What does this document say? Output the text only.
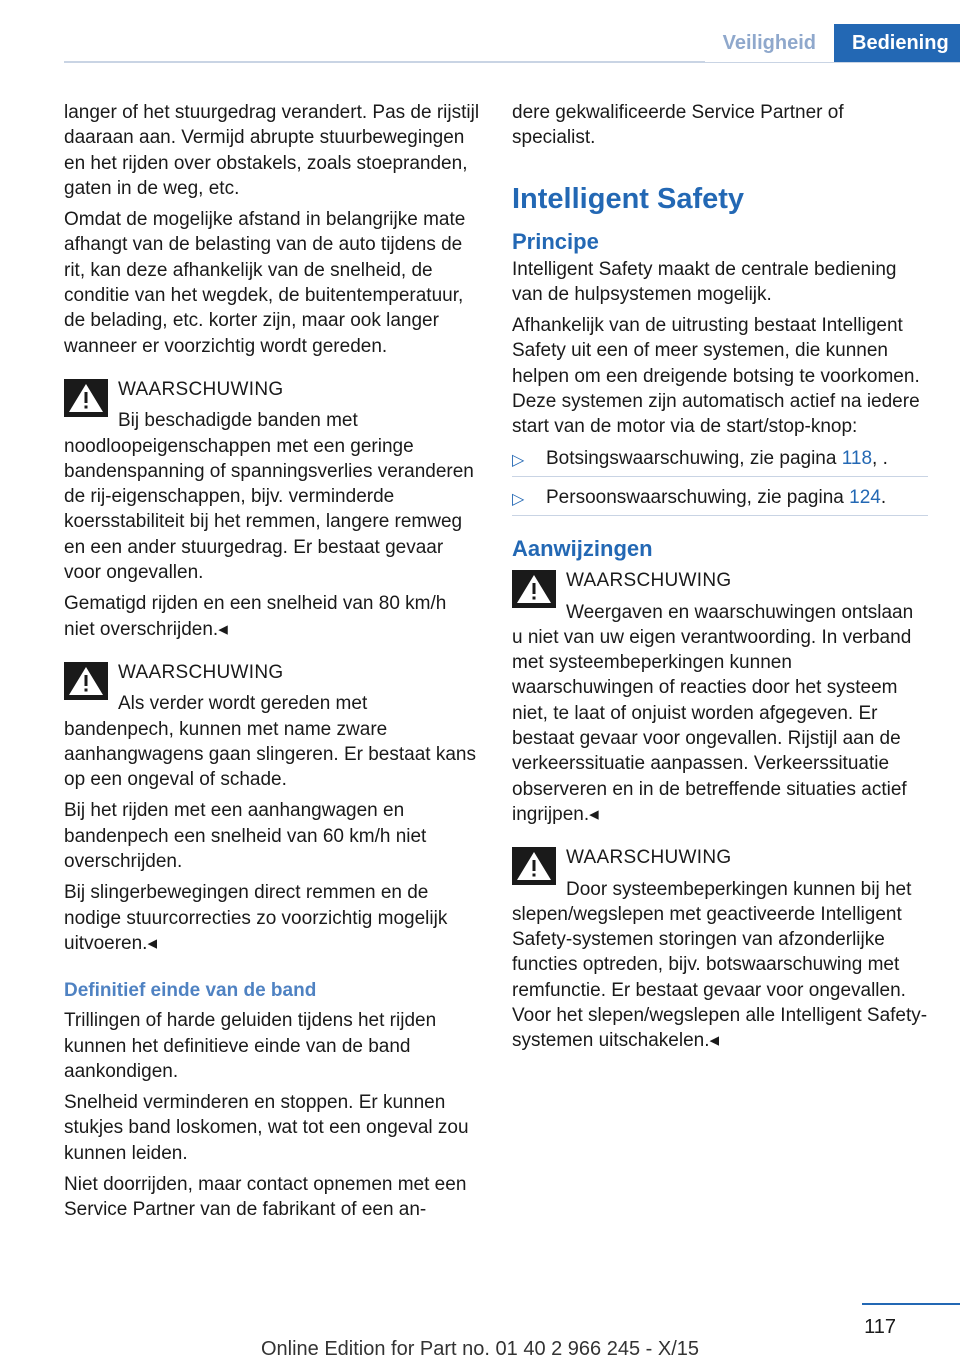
Veiligheid	Bediening

langer of het stuurgedrag verandert. Pas de rijstijl daaraan aan. Vermijd abrupte stuurbewegingen en het rijden over obstakels, zoals stoepranden, gaten in de weg, etc.

Omdat de mogelijke afstand in belangrijke mate afhangt van de belasting van de auto tijdens de rit, kan deze afhankelijk van de snelheid, de conditie van het wegdek, de buitentemperatuur, de belading, etc. korter zijn, maar ook langer wanneer er voorzichtig wordt gereden.

WAARSCHUWING

Bij beschadigde banden met noodloopeigenschappen met een geringe bandenspanning of spanningsverlies veranderen de rij-eigenschappen, bijv. verminderde koersstabiliteit bij het remmen, langere remweg en een ander stuurgedrag. Er bestaat gevaar voor ongevallen.

Gematigd rijden en een snelheid van 80 km/h niet overschrijden.◂

WAARSCHUWING

Als verder wordt gereden met bandenpech, kunnen met name zware aanhangwagens gaan slingeren. Er bestaat kans op een ongeval of schade.

Bij het rijden met een aanhangwagen en bandenpech een snelheid van 60 km/h niet overschrijden.

Bij slingerbewegingen direct remmen en de nodige stuurcorrecties zo voorzichtig mogelijk uitvoeren.◂

Definitief einde van de band

Trillingen of harde geluiden tijdens het rijden kunnen het definitieve einde van de band aankondigen.

Snelheid verminderen en stoppen. Er kunnen stukjes band loskomen, wat tot een ongeval zou kunnen leiden.

Niet doorrijden, maar contact opnemen met een Service Partner van de fabrikant of een an-

dere gekwalificeerde Service Partner of specialist.

Intelligent Safety
Principe

Intelligent Safety maakt de centrale bediening van de hulpsystemen mogelijk.

Afhankelijk van de uitrusting bestaat Intelligent Safety uit een of meer systemen, die kunnen helpen om een dreigende botsing te voorkomen. Deze systemen zijn automatisch actief na iedere start van de motor via de start/stop-knop:

▷ Botsingswaarschuwing, zie pagina 118, .
▷ Persoonswaarschuwing, zie pagina 124.
Aanwijzingen
WAARSCHUWING

Weergaven en waarschuwingen ontslaan u niet van uw eigen verantwoording. In verband met systeembeperkingen kunnen waarschuwingen of reacties door het systeem niet, te laat of onjuist worden afgegeven. Er bestaat gevaar voor ongevallen. Rijstijl aan de verkeerssituatie aanpassen. Verkeerssituatie observeren en in de betreffende situaties actief ingrijpen.◂

WAARSCHUWING

Door systeembeperkingen kunnen bij het slepen/wegslepen met geactiveerde Intelligent Safety-systemen storingen van afzonderlijke functies optreden, bijv. botswaarschuwing met remfunctie. Er bestaat gevaar voor ongevallen. Voor het slepen/wegslepen alle Intelligent Safety-systemen uitschakelen.◂

117
Online Edition for Part no. 01 40 2 966 245 - X/15
